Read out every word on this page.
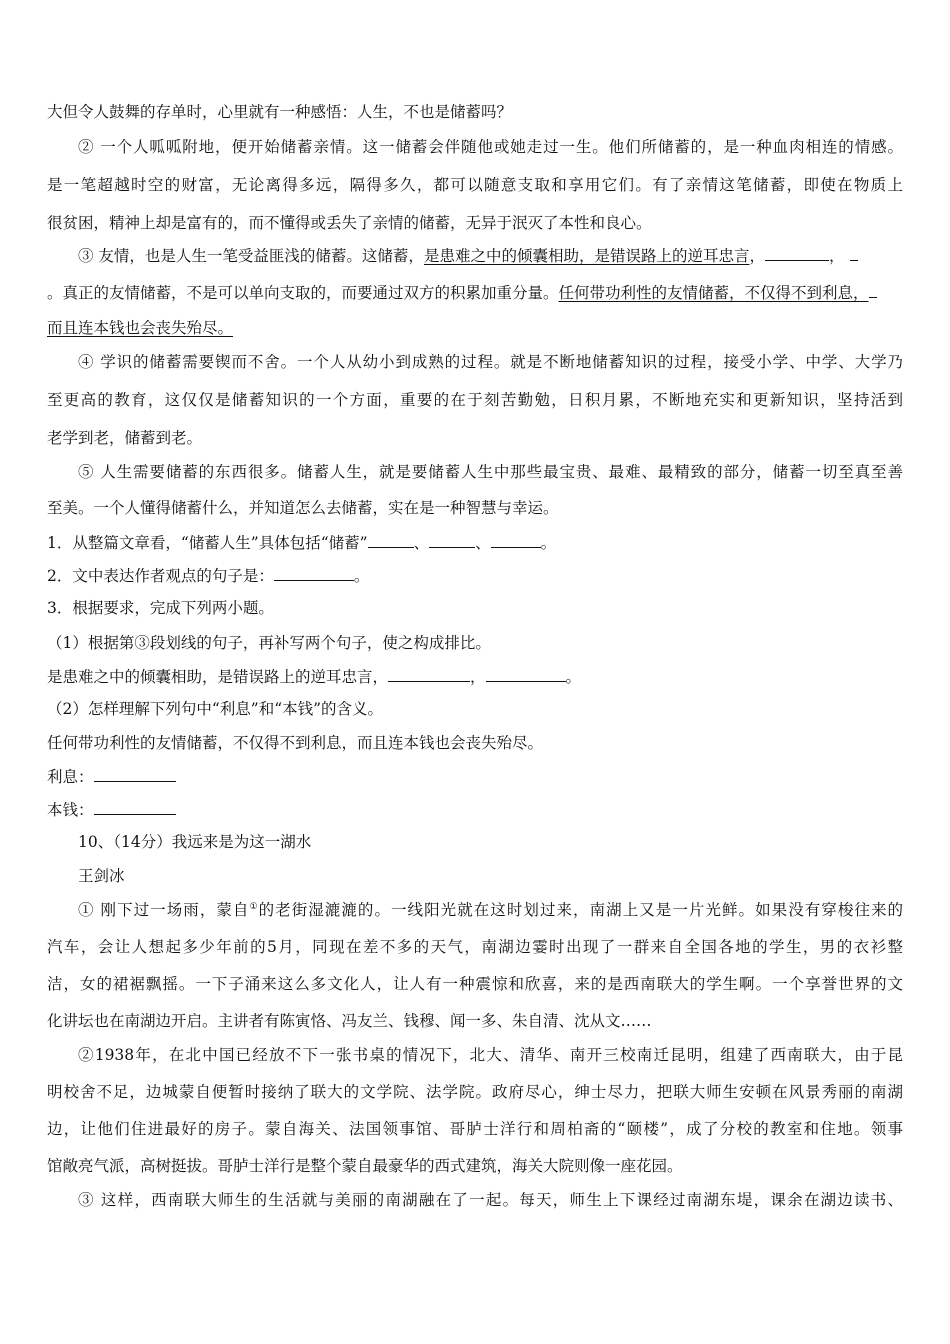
大但令人鼓舞的存单时，心里就有一种感悟：人生，不也是储蓄吗？
② 一个人呱呱附地，便开始储蓄亲情。这一储蓄会伴随他或她走过一生。他们所储蓄的，是一种血肉相连的情感。
是一笔超越时空的财富，无论离得多远，隔得多久，都可以随意支取和享用它们。有了亲情这笔储蓄，即使在物质上
很贫困，精神上却是富有的，而不懂得或丢失了亲情的储蓄，无异于泯灭了本性和良心。
③ 友情，也是人生一笔受益匪浅的储蓄。这储蓄，是患难之中的倾囊相助，是错误路上的逆耳忠言，	，
。真正的友情储蓄，不是可以单向支取的，而要通过双方的积累加重分量。任何带功利性的友情储蓄，不仅得不到利息，
而且连本钱也会丧失殆尽。
④ 学识的储蓄需要锲而不舍。一个人从幼小到成熟的过程。就是不断地储蓄知识的过程，接受小学、中学、大学乃
至更高的教育，这仅仅是储蓄知识的一个方面，重要的在于刻苦勤勉，日积月累，不断地充实和更新知识，坚持活到
老学到老，储蓄到老。
⑤ 人生需要储蓄的东西很多。储蓄人生，就是要储蓄人生中那些最宝贵、最难、最精致的部分，储蓄一切至真至善
至美。一个人懂得储蓄什么，并知道怎么去储蓄，实在是一种智慧与幸运。
1．从整篇文章看，“储蓄人生”具体包括“储蓄”	、	、	。
2．文中表达作者观点的句子是：	。
3．根据要求，完成下列两小题。
（1）根据第③段划线的句子，再补写两个句子，使之构成排比。
是患难之中的倾囊相助，是错误路上的逆耳忠言，	，	。
（2）怎样理解下列句中“利息”和“本钱”的含义。
任何带功利性的友情储蓄，不仅得不到利息，而且连本钱也会丧失殆尽。
利息：
本钱：
10、（14分）我远来是为这一湖水
王剑冰
① 刚下过一场雨，蒙自①的老街湿漉漉的。一线阳光就在这时划过来，南湖上又是一片光鲜。如果没有穿梭往来的
汽车，会让人想起多少年前的5月，同现在差不多的天气，南湖边霎时出现了一群来自全国各地的学生，男的衣衫整
洁，女的裙裾飘摇。一下子涌来这么多文化人，让人有一种震惊和欣喜，来的是西南联大的学生啊。一个享誉世界的文
化讲坛也在南湖边开启。主讲者有陈寅恪、冯友兰、钱穆、闻一多、朱自清、沈从文……
②1938年，在北中国已经放不下一张书桌的情况下，北大、清华、南开三校南迁昆明，组建了西南联大，由于昆
明校舍不足，边城蒙自便暂时接纳了联大的文学院、法学院。政府尽心，绅士尽力，把联大师生安顿在风景秀丽的南湖
边，让他们住进最好的房子。蒙自海关、法国领事馆、哥胪士洋行和周柏斋的“颐楼”，成了分校的教室和住地。领事
馆敞亮气派，高树挺拔。哥胪士洋行是整个蒙自最豪华的西式建筑，海关大院则像一座花园。
③ 这样，西南联大师生的生活就与美丽的南湖融在了一起。每天，师生上下课经过南湖东堤，课余在湖边读书、
